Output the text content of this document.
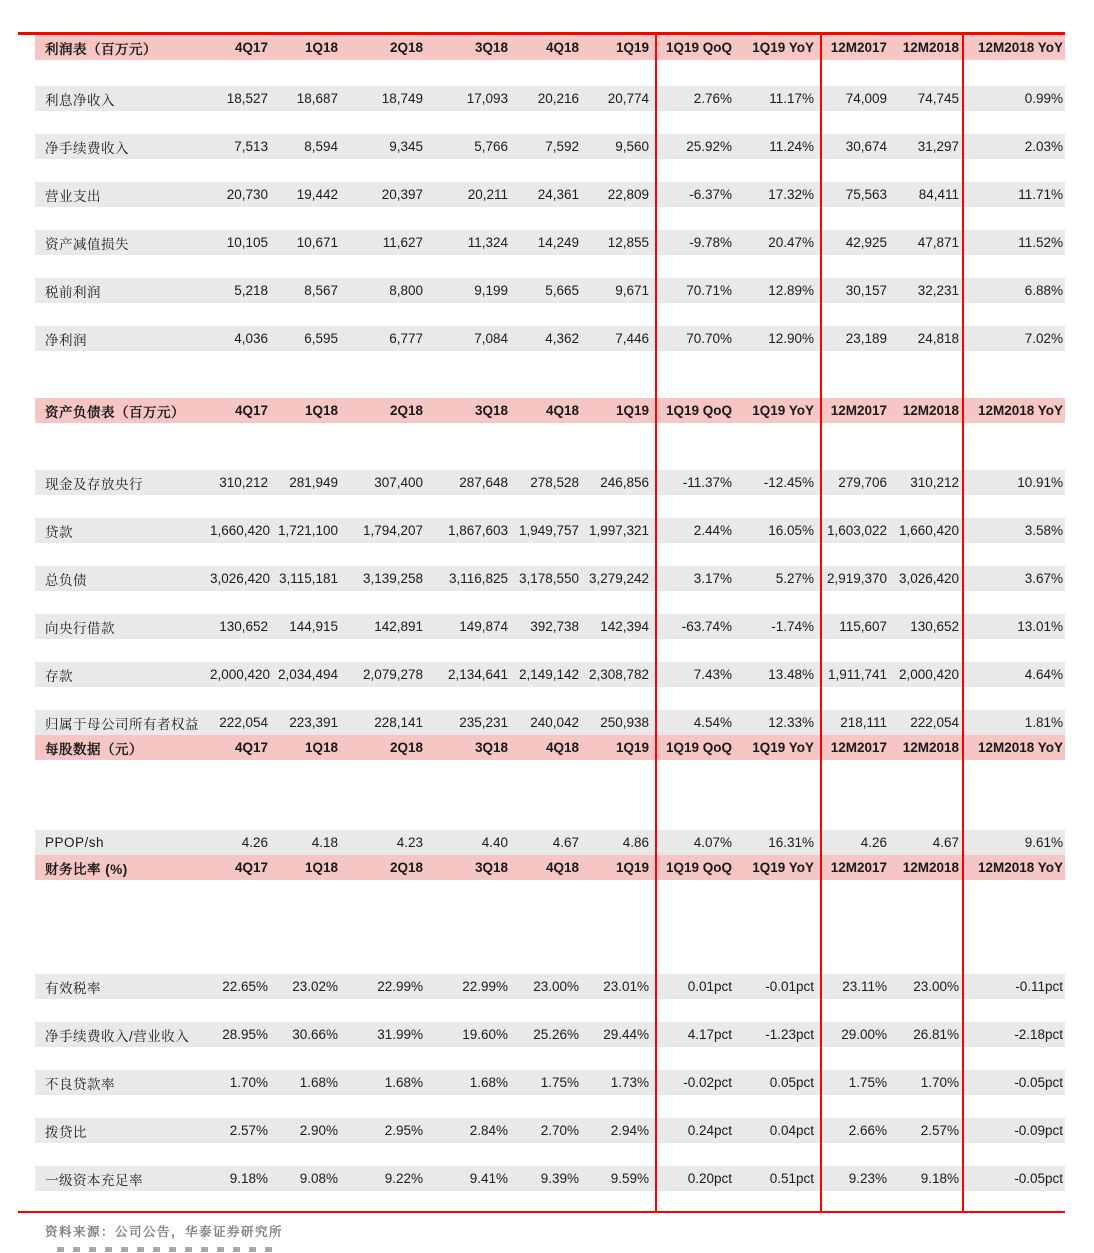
利润表（百万元）	4Q17	1Q18	2Q18	3Q18	4Q18	1Q19	1Q19 QoQ	1Q19 YoY	12M2017	12M2018	12M2018 YoY
利息净收入	18,527	18,687	18,749	17,093	20,216	20,774	2.76%	11.17%	74,009	74,745	0.99%
净手续费收入	7,513	8,594	9,345	5,766	7,592	9,560	25.92%	11.24%	30,674	31,297	2.03%
营业支出	20,730	19,442	20,397	20,211	24,361	22,809	-6.37%	17.32%	75,563	84,411	11.71%
资产减值损失	10,105	10,671	11,627	11,324	14,249	12,855	-9.78%	20.47%	42,925	47,871	11.52%
税前利润	5,218	8,567	8,800	9,199	5,665	9,671	70.71%	12.89%	30,157	32,231	6.88%
净利润	4,036	6,595	6,777	7,084	4,362	7,446	70.70%	12.90%	23,189	24,818	7.02%
资产负债表（百万元）	4Q17	1Q18	2Q18	3Q18	4Q18	1Q19	1Q19 QoQ	1Q19 YoY	12M2017	12M2018	12M2018 YoY
现金及存放央行	310,212	281,949	307,400	287,648	278,528	246,856	-11.37%	-12.45%	279,706	310,212	10.91%
贷款	1,660,420 1,721,100	1,794,207	1,867,603 1,949,757 1,997,321	2.44%	16.05% 1,603,022 1,660,420	3.58%
总负债	3,026,420 3,115,181	3,139,258	3,116,825 3,178,550 3,279,242	3.17%	5.27% 2,919,370 3,026,420	3.67%
向央行借款	130,652	144,915	142,891	149,874	392,738	142,394	-63.74%	-1.74%	115,607	130,652	13.01%
存款	2,000,420 2,034,494	2,079,278	2,134,641 2,149,142 2,308,782	7.43%	13.48%	1,911,741 2,000,420	4.64%
归属于母公司所有者权益	222,054	223,391	228,141	235,231	240,042	250,938	4.54%	12.33%	218,111	222,054	1.81%
每股数据（元）	4Q17	1Q18	2Q18	3Q18	4Q18	1Q19	1Q19 QoQ	1Q19 YoY	12M2017	12M2018	12M2018 YoY
PPOP/sh	4.26	4.18	4.23	4.40	4.67	4.86	4.07%	16.31%	4.26	4.67	9.61%
财务比率 (%)	4Q17	1Q18	2Q18	3Q18	4Q18	1Q19	1Q19 QoQ	1Q19 YoY	12M2017	12M2018	12M2018 YoY
有效税率	22.65%	23.02%	22.99%	22.99%	23.00%	23.01%	0.01pct	-0.01pct	23.11%	23.00%	-0.11pct
净手续费收入/营业收入	28.95%	30.66%	31.99%	19.60%	25.26%	29.44%	4.17pct	-1.23pct	29.00%	26.81%	-2.18pct
不良贷款率	1.70%	1.68%	1.68%	1.68%	1.75%	1.73%	-0.02pct	0.05pct	1.75%	1.70%	-0.05pct
拨贷比	2.57%	2.90%	2.95%	2.84%	2.70%	2.94%	0.24pct	0.04pct	2.66%	2.57%	-0.09pct
一级资本充足率	9.18%	9.08%	9.22%	9.41%	9.39%	9.59%	0.20pct	0.51pct	9.23%	9.18%	-0.05pct
资料来源：公司公告，华泰证券研究所
